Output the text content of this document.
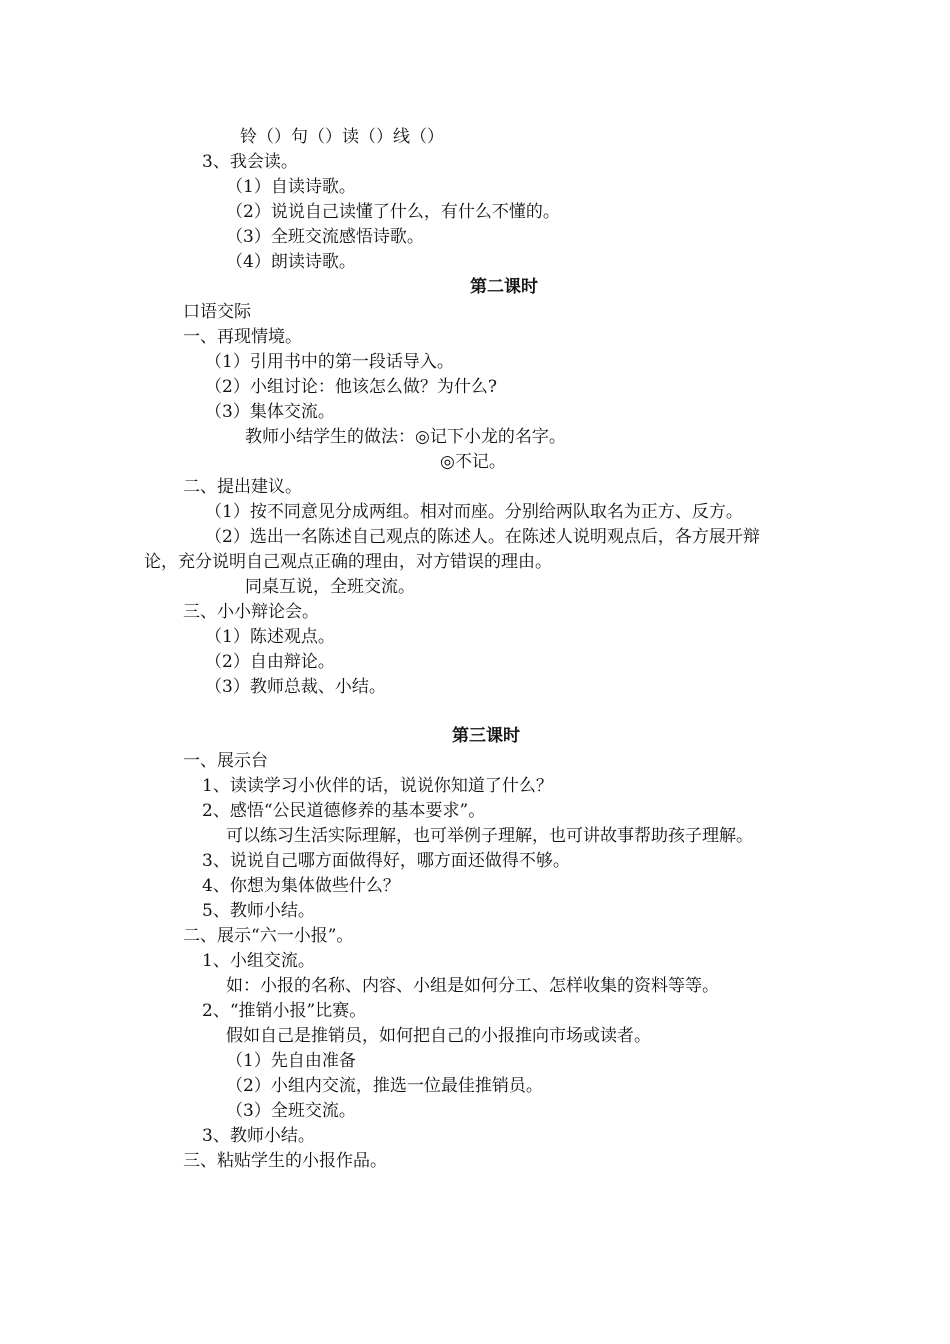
铃（）句（）读（）线（）
3、我会读。
（1）自读诗歌。
（2）说说自己读懂了什么，有什么不懂的。
（3）全班交流感悟诗歌。
（4）朗读诗歌。
第二课时
口语交际
一、再现情境。
（1）引用书中的第一段话导入。
（2）小组讨论：他该怎么做？为什么?
（3）集体交流。
教师小结学生的做法：◎记下小龙的名字。
◎不记。
二、提出建议。
（1）按不同意见分成两组。相对而座。分别给两队取名为正方、反方。
（2）选出一名陈述自己观点的陈述人。在陈述人说明观点后，各方展开辩
论，充分说明自己观点正确的理由，对方错误的理由。
同桌互说，全班交流。
三、小小辩论会。
（1）陈述观点。
（2）自由辩论。
（3）教师总裁、小结。
第三课时
一、展示台
1、读读学习小伙伴的话，说说你知道了什么？
2、感悟“公民道德修养的基本要求”。
可以练习生活实际理解，也可举例子理解，也可讲故事帮助孩子理解。
3、说说自己哪方面做得好，哪方面还做得不够。
4、你想为集体做些什么？
5、教师小结。
二、展示“六一小报”。
1、小组交流。
如：小报的名称、内容、小组是如何分工、怎样收集的资料等等。
2、“推销小报”比赛。
假如自己是推销员，如何把自己的小报推向市场或读者。
（1）先自由准备
（2）小组内交流，推选一位最佳推销员。
（3）全班交流。
3、教师小结。
三、粘贴学生的小报作品。
